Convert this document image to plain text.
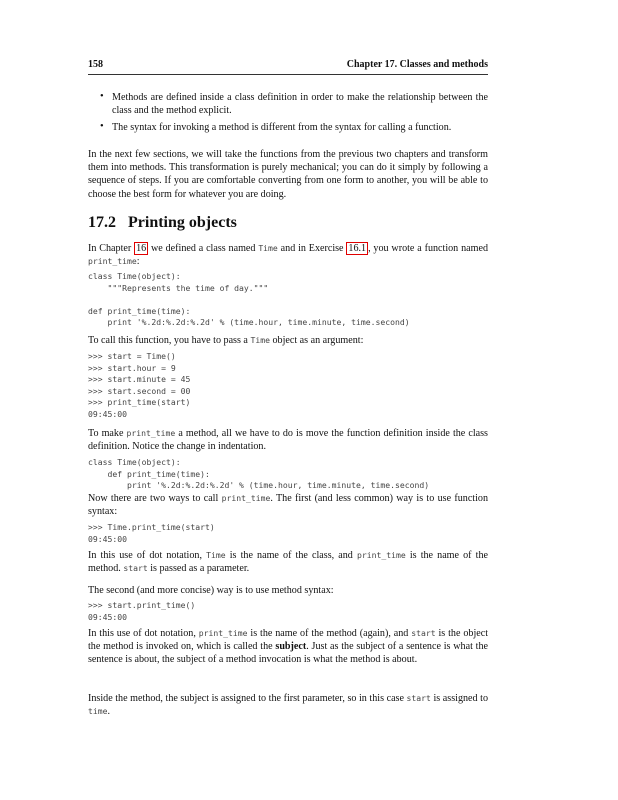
158	Chapter 17. Classes and methods
• Methods are defined inside a class definition in order to make the relationship between the class and the method explicit.
• The syntax for invoking a method is different from the syntax for calling a function.
In the next few sections, we will take the functions from the previous two chapters and transform them into methods. This transformation is purely mechanical; you can do it simply by following a sequence of steps. If you are comfortable converting from one form to another, you will be able to choose the best form for whatever you are doing.
17.2 Printing objects
In Chapter 16 we defined a class named Time and in Exercise 16.1 , you wrote a function named print_time:
class Time(object):
"""Represents the time of day."""

def print_time(time):
print '%.2d:%.2d:%.2d' % (time.hour, time.minute, time.second)
To call this function, you have to pass a Time object as an argument:
>>> start = Time()
>>> start.hour = 9
>>> start.minute = 45
>>> start.second = 00
>>> print_time(start)
09:45:00
To make print_time a method, all we have to do is move the function definition inside the class definition. Notice the change in indentation.
class Time(object):
def print_time(time):
print '%.2d:%.2d:%.2d' % (time.hour, time.minute, time.second)
Now there are two ways to call print_time. The first (and less common) way is to use function syntax:
>>> Time.print_time(start)
09:45:00
In this use of dot notation, Time is the name of the class, and print_time is the name of the method. start is passed as a parameter.
The second (and more concise) way is to use method syntax:
>>> start.print_time()
09:45:00
In this use of dot notation, print_time is the name of the method (again), and start is the object the method is invoked on, which is called the subject. Just as the subject of a sentence is what the sentence is about, the subject of a method invocation is what the method is about.
Inside the method, the subject is assigned to the first parameter, so in this case start is assigned to time.
